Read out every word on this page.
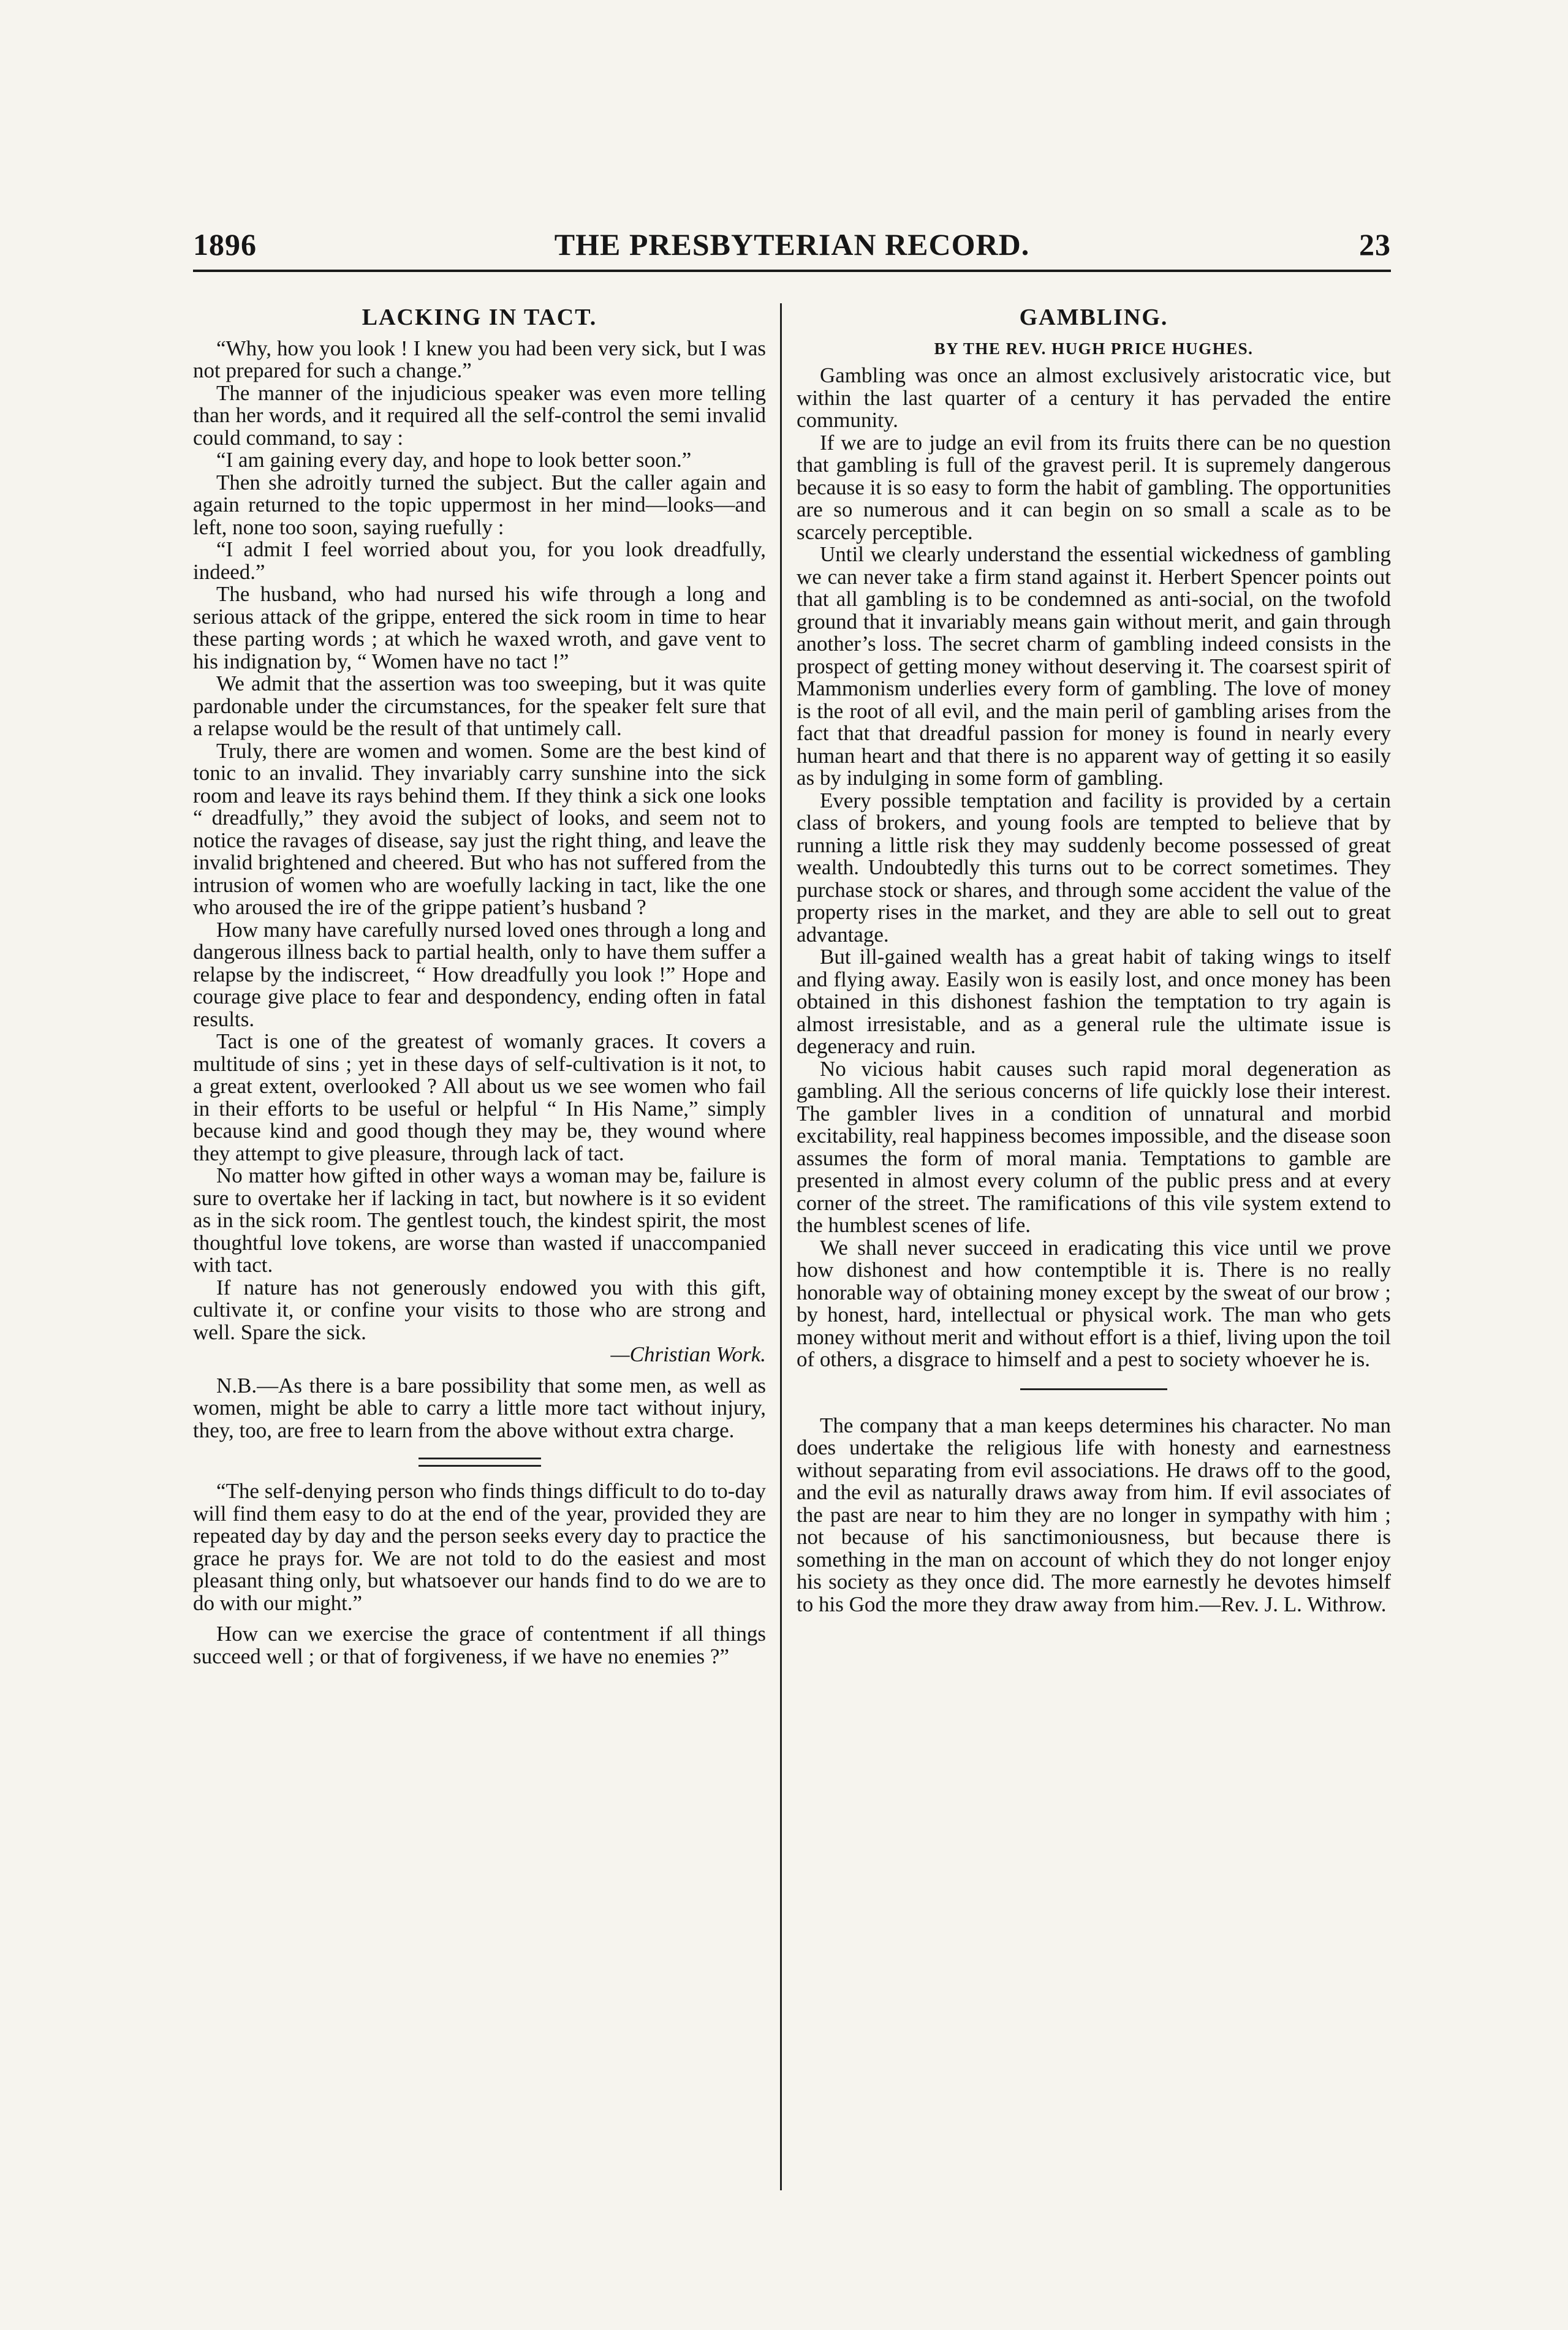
1896	THE PRESBYTERIAN RECORD.	23
LACKING IN TACT.

“Why, how you look ! I knew you had been very sick, but I was not prepared for such a change.”

The manner of the injudicious speaker was even more telling than her words, and it required all the self-control the semi invalid could command, to say :

“I am gaining every day, and hope to look better soon.”

Then she adroitly turned the subject. But the caller again and again returned to the topic uppermost in her mind—looks—and left, none too soon, saying ruefully :

“I admit I feel worried about you, for you look dreadfully, indeed.”

The husband, who had nursed his wife through a long and serious attack of the grippe, entered the sick room in time to hear these parting words ; at which he waxed wroth, and gave vent to his indignation by, “ Women have no tact !”

We admit that the assertion was too sweeping, but it was quite pardonable under the circumstances, for the speaker felt sure that a relapse would be the result of that untimely call.

Truly, there are women and women. Some are the best kind of tonic to an invalid. They invariably carry sunshine into the sick room and leave its rays behind them. If they think a sick one looks “ dreadfully,” they avoid the subject of looks, and seem not to notice the ravages of disease, say just the right thing, and leave the invalid brightened and cheered. But who has not suffered from the intrusion of women who are woefully lacking in tact, like the one who aroused the ire of the grippe patient’s husband ?

How many have carefully nursed loved ones through a long and dangerous illness back to partial health, only to have them suffer a relapse by the indiscreet, “ How dreadfully you look !” Hope and courage give place to fear and despondency, ending often in fatal results.

Tact is one of the greatest of womanly graces. It covers a multitude of sins ; yet in these days of self-cultivation is it not, to a great extent, overlooked ? All about us we see women who fail in their efforts to be useful or helpful “ In His Name,” simply because kind and good though they may be, they wound where they attempt to give pleasure, through lack of tact.

No matter how gifted in other ways a woman may be, failure is sure to overtake her if lacking in tact, but nowhere is it so evident as in the sick room. The gentlest touch, the kindest spirit, the most thoughtful love tokens, are worse than wasted if unaccompanied with tact.

If nature has not generously endowed you with this gift, cultivate it, or confine your visits to those who are strong and well. Spare the sick.

—Christian Work.

N.B.—As there is a bare possibility that some men, as well as women, might be able to carry a little more tact without injury, they, too, are free to learn from the above without extra charge.

“The self-denying person who finds things difficult to do to-day will find them easy to do at the end of the year, provided they are repeated day by day and the person seeks every day to practice the grace he prays for. We are not told to do the easiest and most pleasant thing only, but whatsoever our hands find to do we are to do with our might.”

How can we exercise the grace of contentment if all things succeed well ; or that of forgiveness, if we have no enemies ?”

GAMBLING.
BY THE REV. HUGH PRICE HUGHES.

Gambling was once an almost exclusively aristocratic vice, but within the last quarter of a century it has pervaded the entire community.

If we are to judge an evil from its fruits there can be no question that gambling is full of the gravest peril. It is supremely dangerous because it is so easy to form the habit of gambling. The opportunities are so numerous and it can begin on so small a scale as to be scarcely perceptible.

Until we clearly understand the essential wickedness of gambling we can never take a firm stand against it. Herbert Spencer points out that all gambling is to be condemned as anti-social, on the twofold ground that it invariably means gain without merit, and gain through another’s loss. The secret charm of gambling indeed consists in the prospect of getting money without deserving it. The coarsest spirit of Mammonism underlies every form of gambling. The love of money is the root of all evil, and the main peril of gambling arises from the fact that that dreadful passion for money is found in nearly every human heart and that there is no apparent way of getting it so easily as by indulging in some form of gambling.

Every possible temptation and facility is provided by a certain class of brokers, and young fools are tempted to believe that by running a little risk they may suddenly become possessed of great wealth. Undoubtedly this turns out to be correct sometimes. They purchase stock or shares, and through some accident the value of the property rises in the market, and they are able to sell out to great advantage.

But ill-gained wealth has a great habit of taking wings to itself and flying away. Easily won is easily lost, and once money has been obtained in this dishonest fashion the temptation to try again is almost irresistable, and as a general rule the ultimate issue is degeneracy and ruin.

No vicious habit causes such rapid moral degeneration as gambling. All the serious concerns of life quickly lose their interest. The gambler lives in a condition of unnatural and morbid excitability, real happiness becomes impossible, and the disease soon assumes the form of moral mania. Temptations to gamble are presented in almost every column of the public press and at every corner of the street. The ramifications of this vile system extend to the humblest scenes of life.

We shall never succeed in eradicating this vice until we prove how dishonest and how contemptible it is. There is no really honorable way of obtaining money except by the sweat of our brow ; by honest, hard, intellectual or physical work. The man who gets money without merit and without effort is a thief, living upon the toil of others, a disgrace to himself and a pest to society whoever he is.

The company that a man keeps determines his character. No man does undertake the religious life with honesty and earnestness without separating from evil associations. He draws off to the good, and the evil as naturally draws away from him. If evil associates of the past are near to him they are no longer in sympathy with him ; not because of his sanctimoniousness, but because there is something in the man on account of which they do not longer enjoy his society as they once did. The more earnestly he devotes himself to his God the more they draw away from him.—Rev. J. L. Withrow.
